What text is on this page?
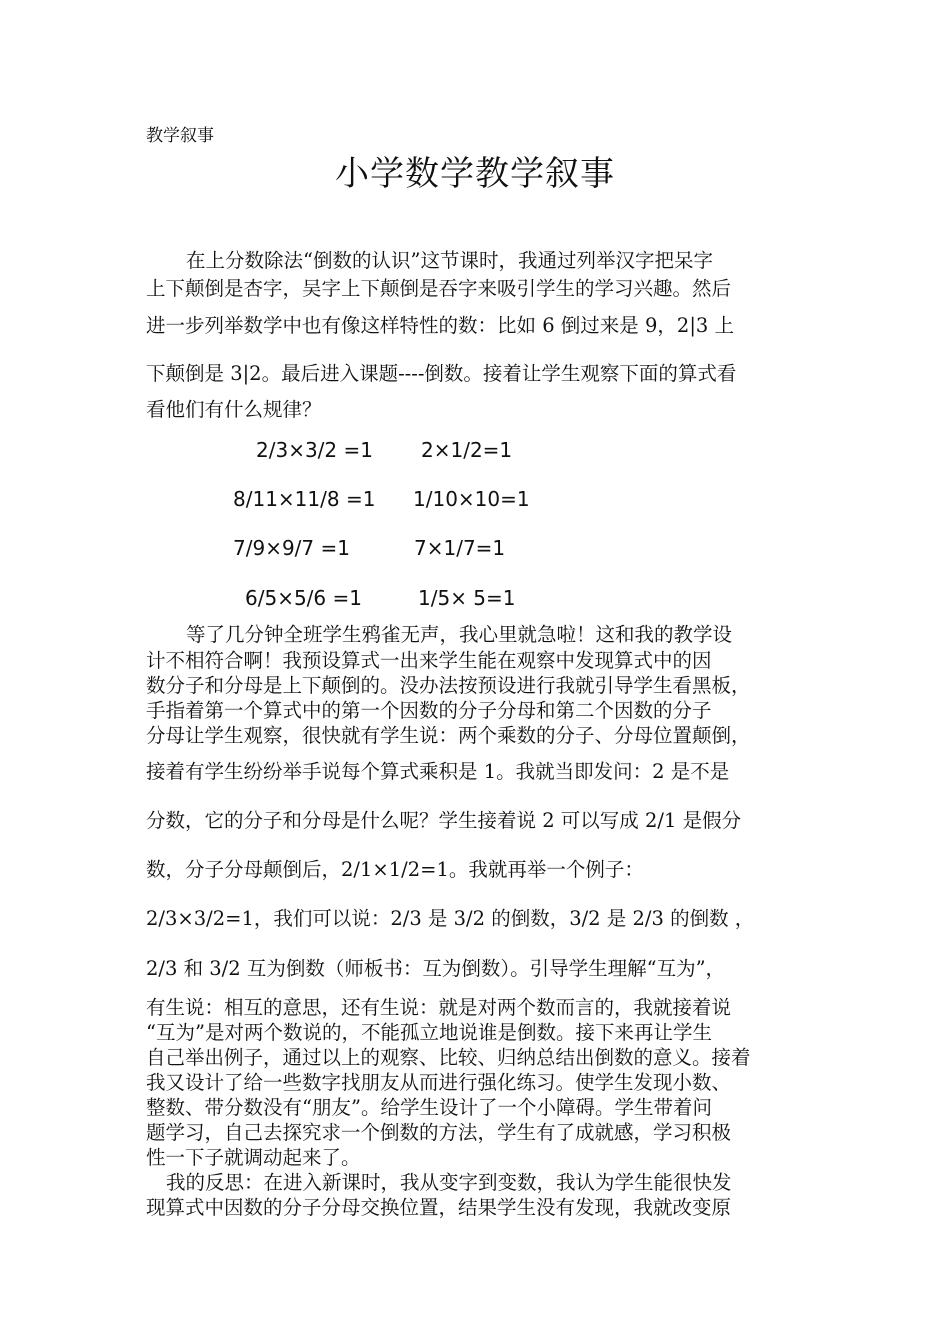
教学叙事
小学数学教学叙事
在上分数除法“倒数的认识”这节课时，我通过列举汉字把呆字
上下颠倒是杏字，吴字上下颠倒是吞字来吸引学生的学习兴趣。然后
进一步列举数学中也有像这样特性的数：比如 6 倒过来是 9，2|3 上
下颠倒是 3|2。最后进入课题----倒数。接着让学生观察下面的算式看
看他们有什么规律？
2/3×3/2 =1 2×1/2=1
8/11×11/8 =1 1/10×10=1
7/9×9/7 =1	7×1/7=1
6/5×5/6 =1	1/5× 5=1
等了几分钟全班学生鸦雀无声，我心里就急啦！这和我的教学设
计不相符合啊！我预设算式一出来学生能在观察中发现算式中的因
数分子和分母是上下颠倒的。没办法按预设进行我就引导学生看黑板，
手指着第一个算式中的第一个因数的分子分母和第二个因数的分子
分母让学生观察，很快就有学生说：两个乘数的分子、分母位置颠倒，
接着有学生纷纷举手说每个算式乘积是 1。我就当即发问：2 是不是
分数，它的分子和分母是什么呢？学生接着说 2 可以写成 2/1 是假分
数，分子分母颠倒后，2/1×1/2=1。我就再举一个例子：
2/3×3/2=1，我们可以说：2/3 是 3/2 的倒数，3/2 是 2/3 的倒数 ，
2/3 和 3/2 互为倒数（师板书：互为倒数）。引导学生理解“互为”，
有生说：相互的意思，还有生说：就是对两个数而言的，我就接着说
“互为”是对两个数说的，不能孤立地说谁是倒数。接下来再让学生
自己举出例子，通过以上的观察、比较、归纳总结出倒数的意义。接着
我又设计了给一些数字找朋友从而进行强化练习。使学生发现小数、
整数、带分数没有“朋友”。给学生设计了一个小障碍。学生带着问
题学习，自己去探究求一个倒数的方法，学生有了成就感，学习积极
性一下子就调动起来了。
我的反思：在进入新课时，我从变字到变数，我认为学生能很快发
现算式中因数的分子分母交换位置，结果学生没有发现，我就改变原
